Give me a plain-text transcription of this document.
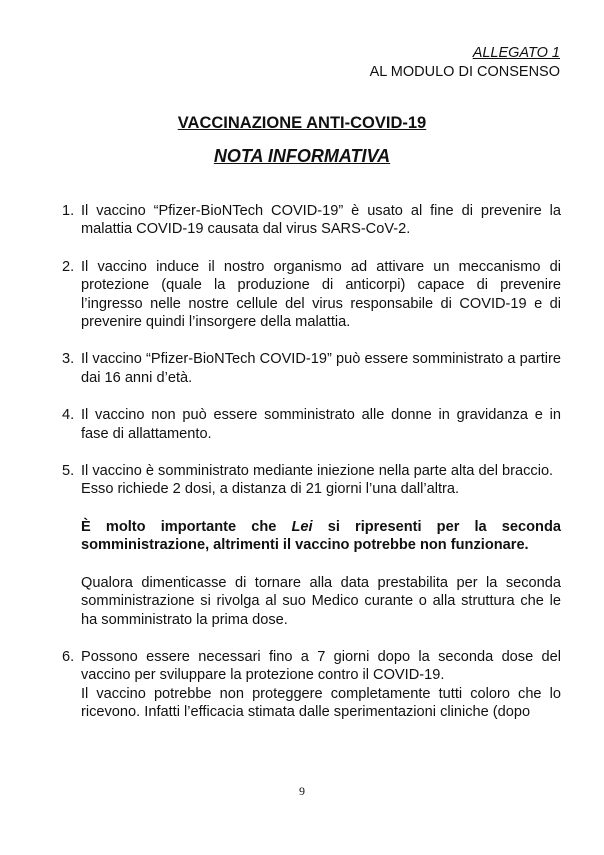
ALLEGATO 1
AL MODULO DI CONSENSO
VACCINAZIONE ANTI-COVID-19
NOTA INFORMATIVA
1. Il vaccino “Pfizer-BioNTech COVID-19” è usato al fine di prevenire la malattia COVID-19 causata dal virus SARS-CoV-2.

2. Il vaccino induce il nostro organismo ad attivare un meccanismo di protezione (quale la produzione di anticorpi) capace di prevenire l’ingresso nelle nostre cellule del virus responsabile di COVID-19 e di prevenire quindi l’insorgere della malattia.

3. Il vaccino “Pfizer-BioNTech COVID-19” può essere somministrato a partire dai 16 anni d’età.

4. Il vaccino non può essere somministrato alle donne in gravidanza e in fase di allattamento.

5. Il vaccino è somministrato mediante iniezione nella parte alta del braccio.

Esso richiede 2 dosi, a distanza di 21 giorni l’una dall’altra.

È molto importante che Lei si ripresenti per la seconda somministrazione, altrimenti il vaccino potrebbe non funzionare.

Qualora dimenticasse di tornare alla data prestabilita per la seconda somministrazione si rivolga al suo Medico curante o alla struttura che le ha somministrato la prima dose.

6. Possono essere necessari fino a 7 giorni dopo la seconda dose del vaccino per sviluppare la protezione contro il COVID-19.

Il vaccino potrebbe non proteggere completamente tutti coloro che lo ricevono. Infatti l’efficacia stimata dalle sperimentazioni cliniche (dopo

9
